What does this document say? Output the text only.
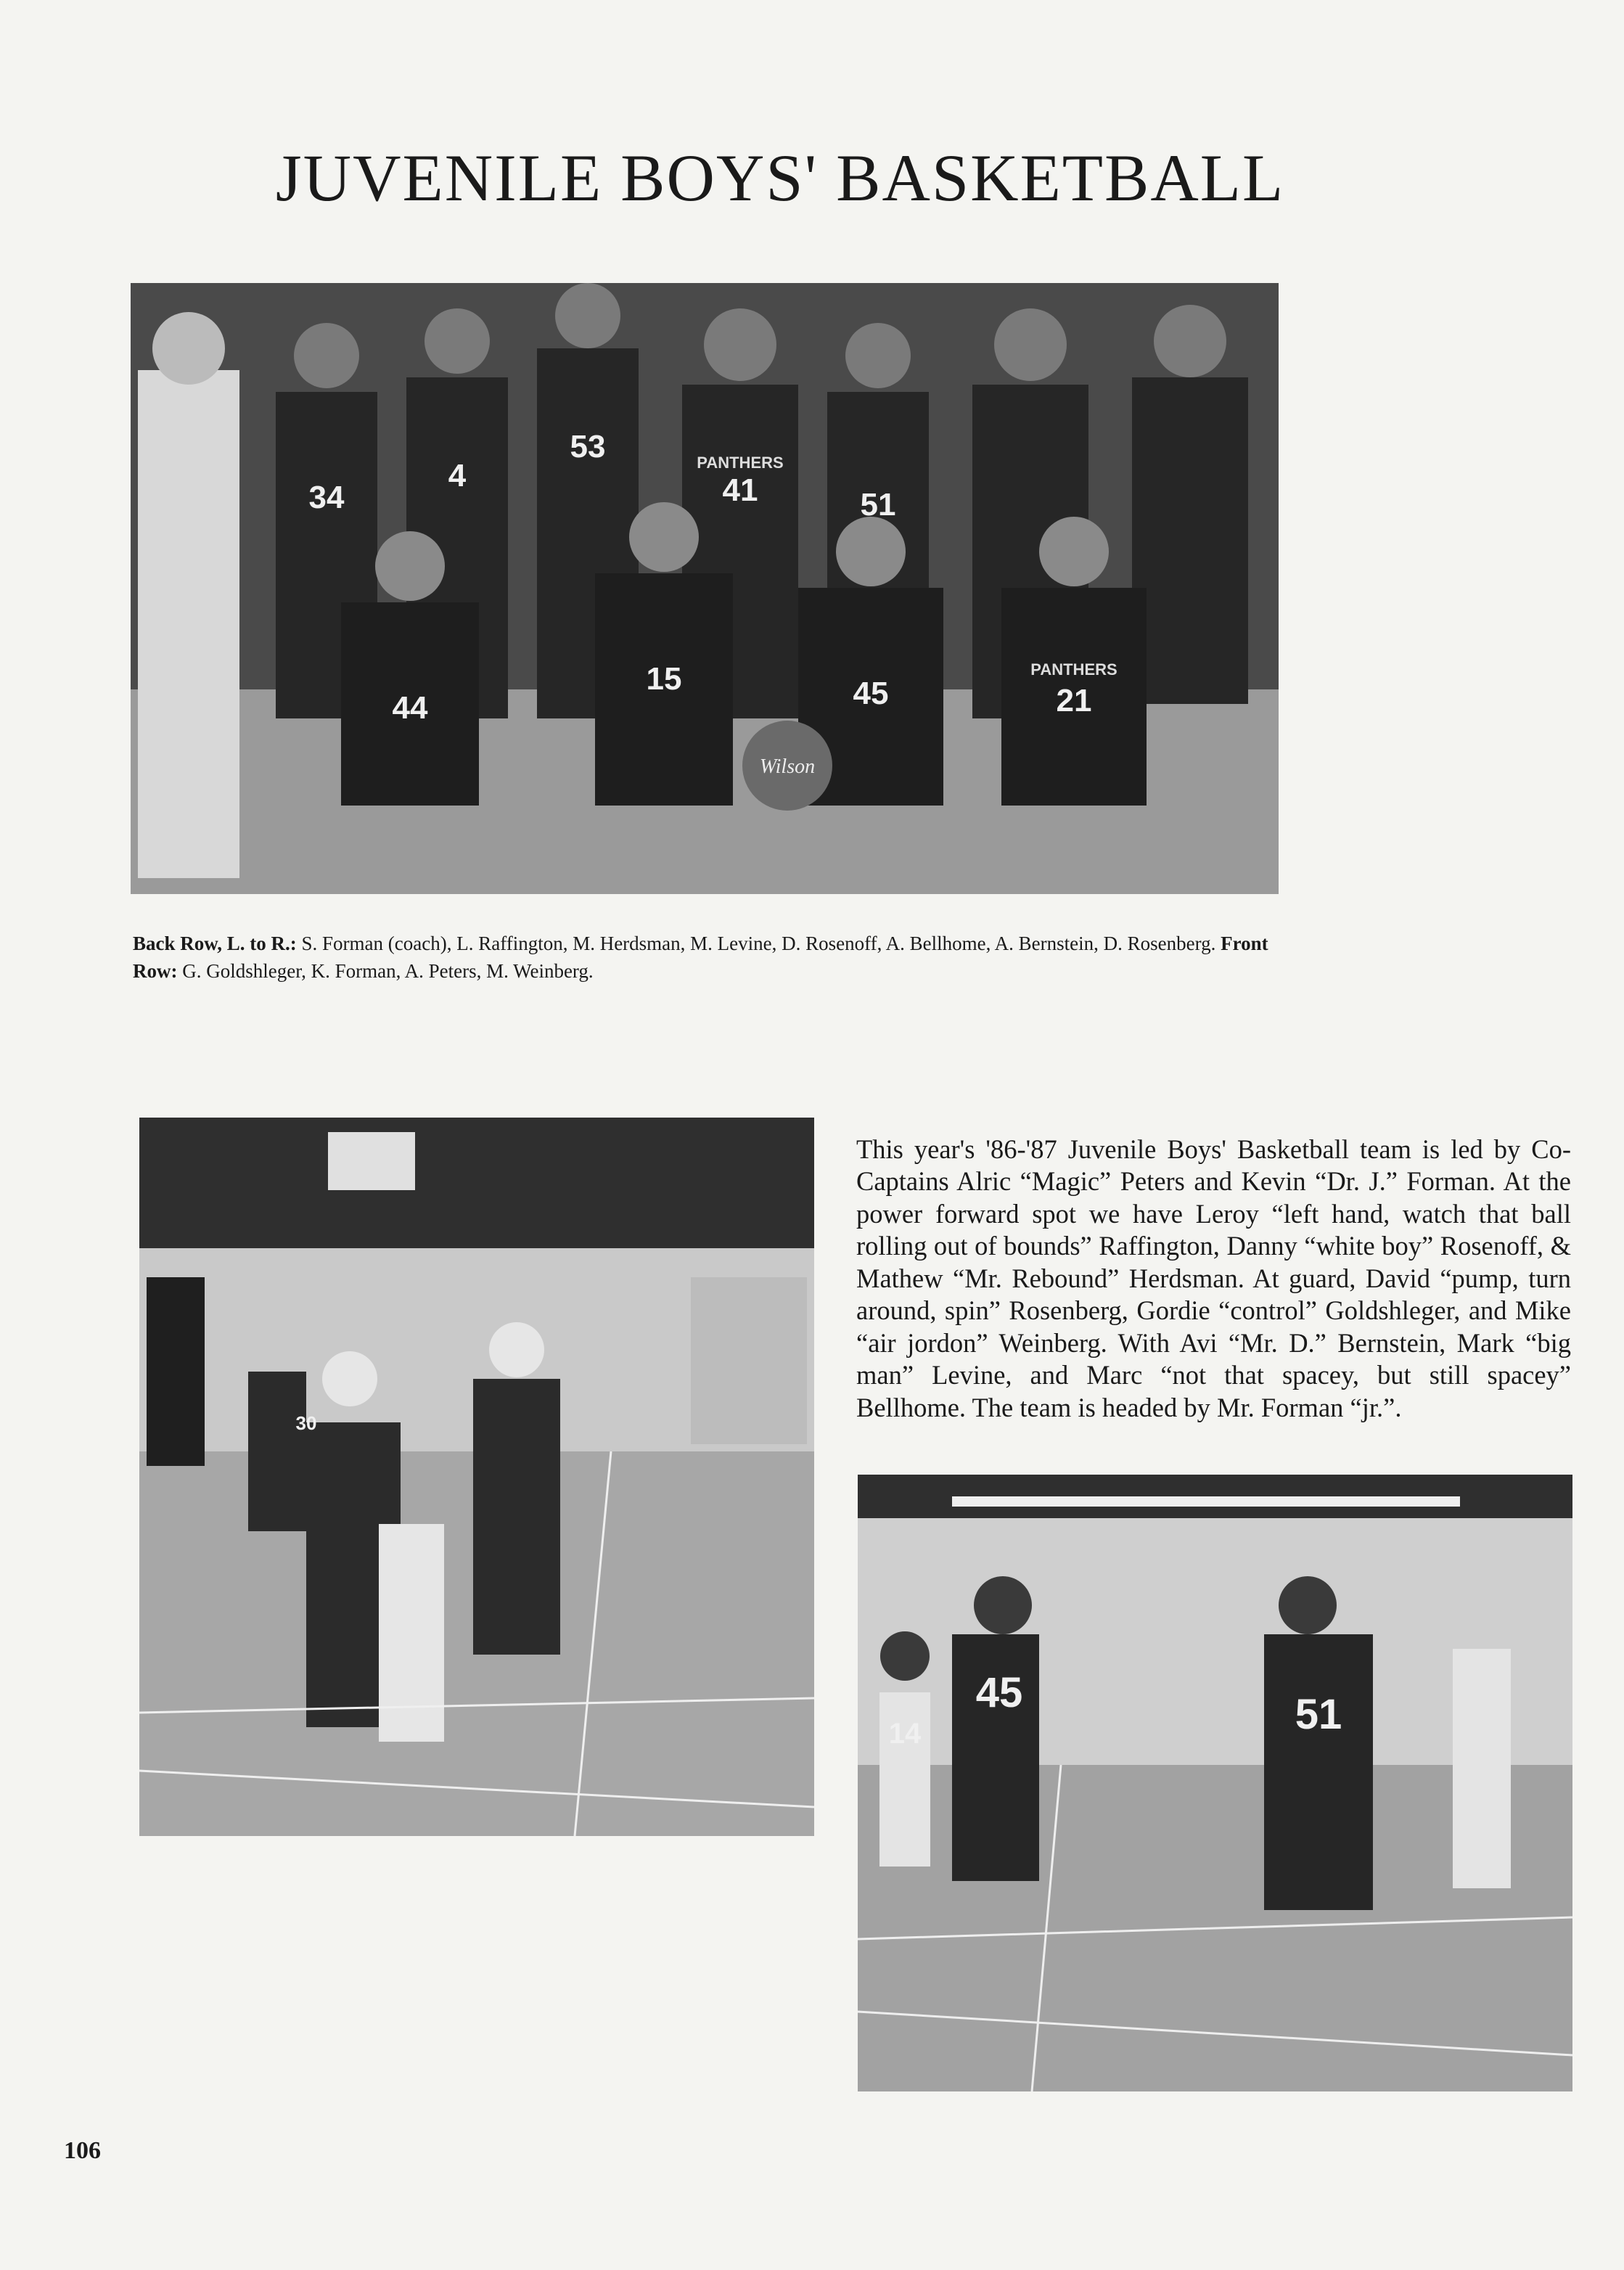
JUVENILE BOYS' BASKETBALL
34
4
53
41	51
44
15	45	21
PANTHERS
PANTHERS
Wilson
Back Row, L. to R.: S. Forman (coach), L. Raffington, M. Herdsman, M. Levine, D. Rosenoff, A. Bellhome, A. Bernstein, D. Rosenberg. Front Row: G. Goldshleger, K. Forman, A. Peters, M. Weinberg.
30

This year's '86-'87 Juvenile Boys' Basketball team is led by Co-Captains Alric “Magic” Peters and Kevin “Dr. J.” Forman. At the power forward spot we have Leroy “left hand, watch that ball rolling out of bounds” Raffington, Danny “white boy” Rosenoff, & Mathew “Mr. Rebound” Herdsman. At guard, David “pump, turn around, spin” Rosenberg, Gordie “control” Goldshleger, and Mike “air jordon” Weinberg. With Avi “Mr. D.” Bernstein, Mark “big man” Levine, and Marc “not that spacey, but still spacey” Bellhome. The team is headed by Mr. Forman “jr.”.

14
45	51
106
